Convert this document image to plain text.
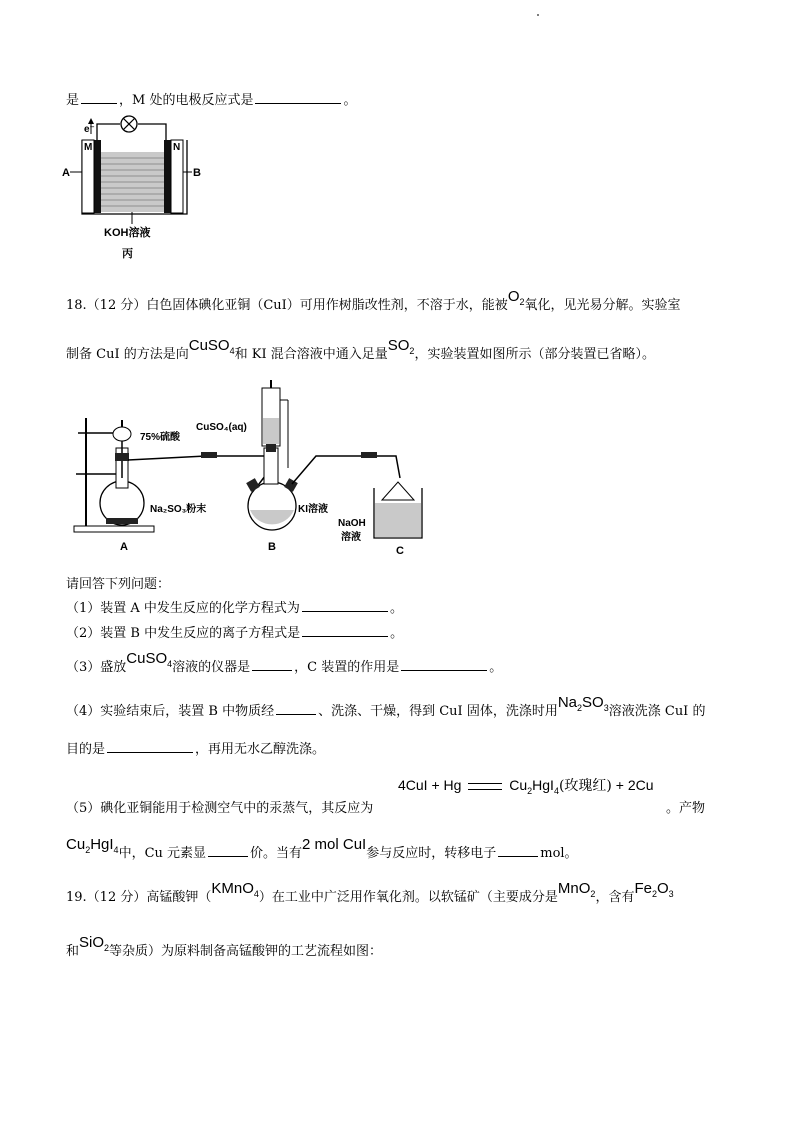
是	，M 处的电极反应式是	。
e⁻
M	N
A	B
KOH溶液
丙
18.（12 分）白色固体碘化亚铜（CuI）可用作树脂改性剂，不溶于水，能被$O_2$氧化，见光易分解。实验室
制备 CuI 的方法是向CuSO$_4$和 KI 混合溶液中通入足量$SO_2$，实验装置如图所示（部分装置已省略）。
75%硫酸
Na₂SO₃粉末
CuSO₄(aq)
KI溶液
NaOH
溶液
A	B	C
请回答下列问题：
（1）装置 A 中发生反应的化学方程式为	。
（2）装置 B 中发生反应的离子方程式是	。
（3）盛放CuSO$_4$溶液的仪器是	，C 装置的作用是	。
（4）实验结束后，装置 B 中物质经	、洗涤、干燥，得到 CuI 固体，洗涤时用$Na_2SO_3$溶液洗涤 CuI 的
目的是	，再用无水乙醇洗涤。
4CuI + Hg	$Cu_2HgI_4$(玫瑰红) + 2Cu
（5）碘化亚铜能用于检测空气中的汞蒸气，其反应为	。产物
$Cu_2HgI_4$中，Cu 元素显	价。当有2 mol CuI参与反应时，转移电子	mol。
19.（12 分）高锰酸钾（KMnO$_4$）在工业中广泛用作氧化剂。以软锰矿（主要成分是MnO$_2$，含有$Fe_2O_3$
和SiO$_2$等杂质）为原料制备高锰酸钾的工艺流程如图：
